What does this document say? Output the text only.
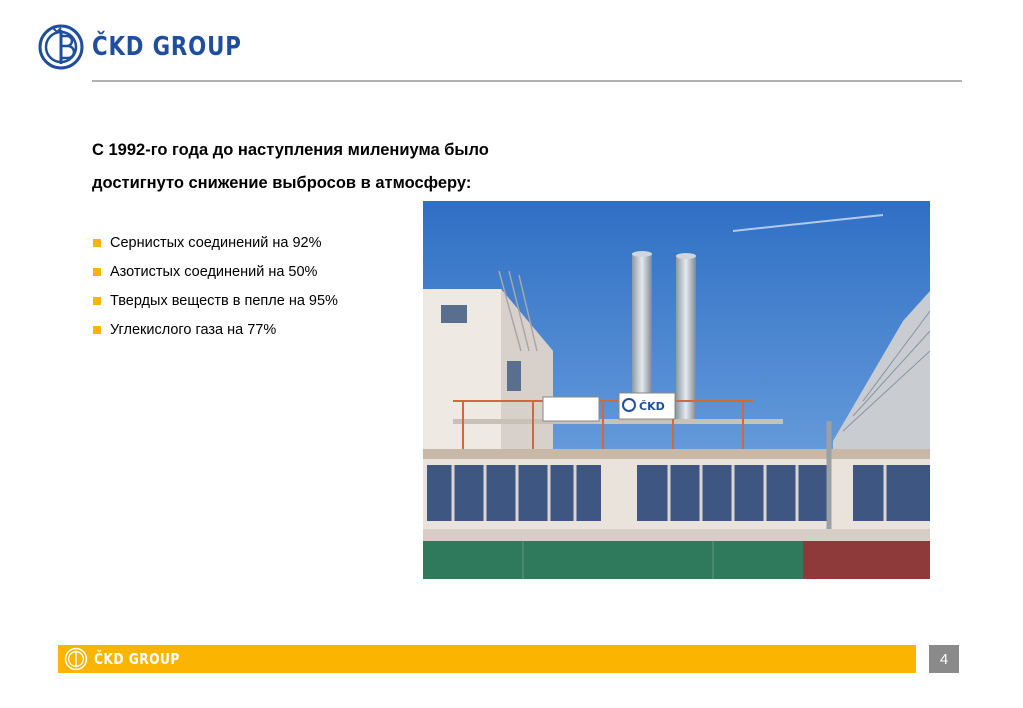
ČKD GROUP
С 1992-го года до наступления милениума было
достигнуто снижение выбросов в атмосферу:
Сернистых соединений на 92%
Азотистых соединений на 50%
Твердых веществ в пепле на 95%
Углекислого газа на 77%
ČKD
ČKD GROUP	4
